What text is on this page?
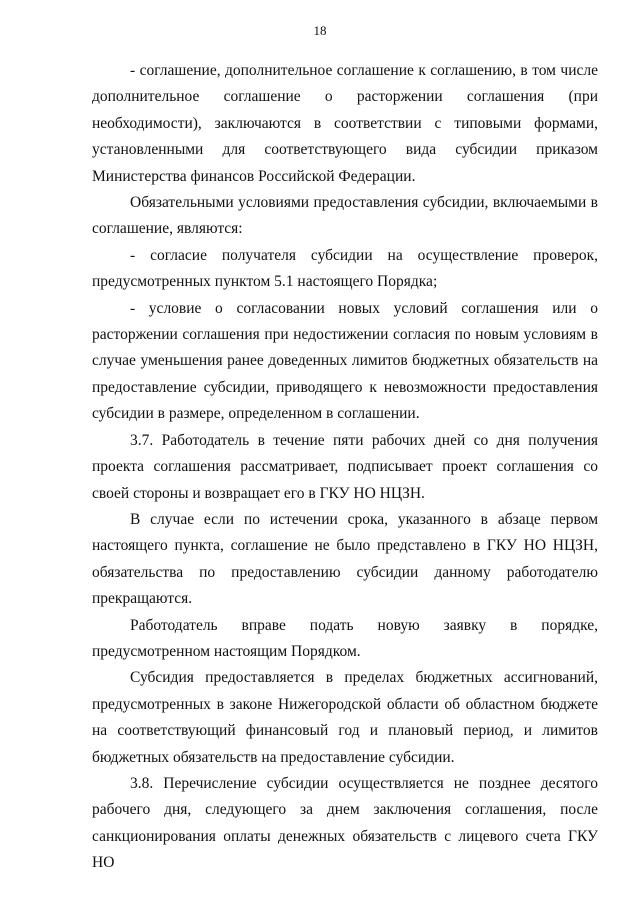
18

- соглашение, дополнительное соглашение к соглашению, в том числе дополнительное соглашение о расторжении соглашения (при необходимости), заключаются в соответствии с типовыми формами, установленными для соответствующего вида субсидии приказом Министерства финансов Российской Федерации.

Обязательными условиями предоставления субсидии, включаемыми в соглашение, являются:

- согласие получателя субсидии на осуществление проверок, предусмотренных пунктом 5.1 настоящего Порядка;

- условие о согласовании новых условий соглашения или о расторжении соглашения при недостижении согласия по новым условиям в случае уменьшения ранее доведенных лимитов бюджетных обязательств на предоставление субсидии, приводящего к невозможности предоставления субсидии в размере, определенном в соглашении.

3.7. Работодатель в течение пяти рабочих дней со дня получения проекта соглашения рассматривает, подписывает проект соглашения со своей стороны и возвращает его в ГКУ НО НЦЗН.

В случае если по истечении срока, указанного в абзаце первом настоящего пункта, соглашение не было представлено в ГКУ НО НЦЗН, обязательства по предоставлению субсидии данному работодателю прекращаются.

Работодатель вправе подать новую заявку в порядке, предусмотренном настоящим Порядком.

Субсидия предоставляется в пределах бюджетных ассигнований, предусмотренных в законе Нижегородской области об областном бюджете на соответствующий финансовый год и плановый период, и лимитов бюджетных обязательств на предоставление субсидии.

3.8. Перечисление субсидии осуществляется не позднее десятого рабочего дня, следующего за днем заключения соглашения, после санкционирования оплаты денежных обязательств с лицевого счета ГКУ НО
